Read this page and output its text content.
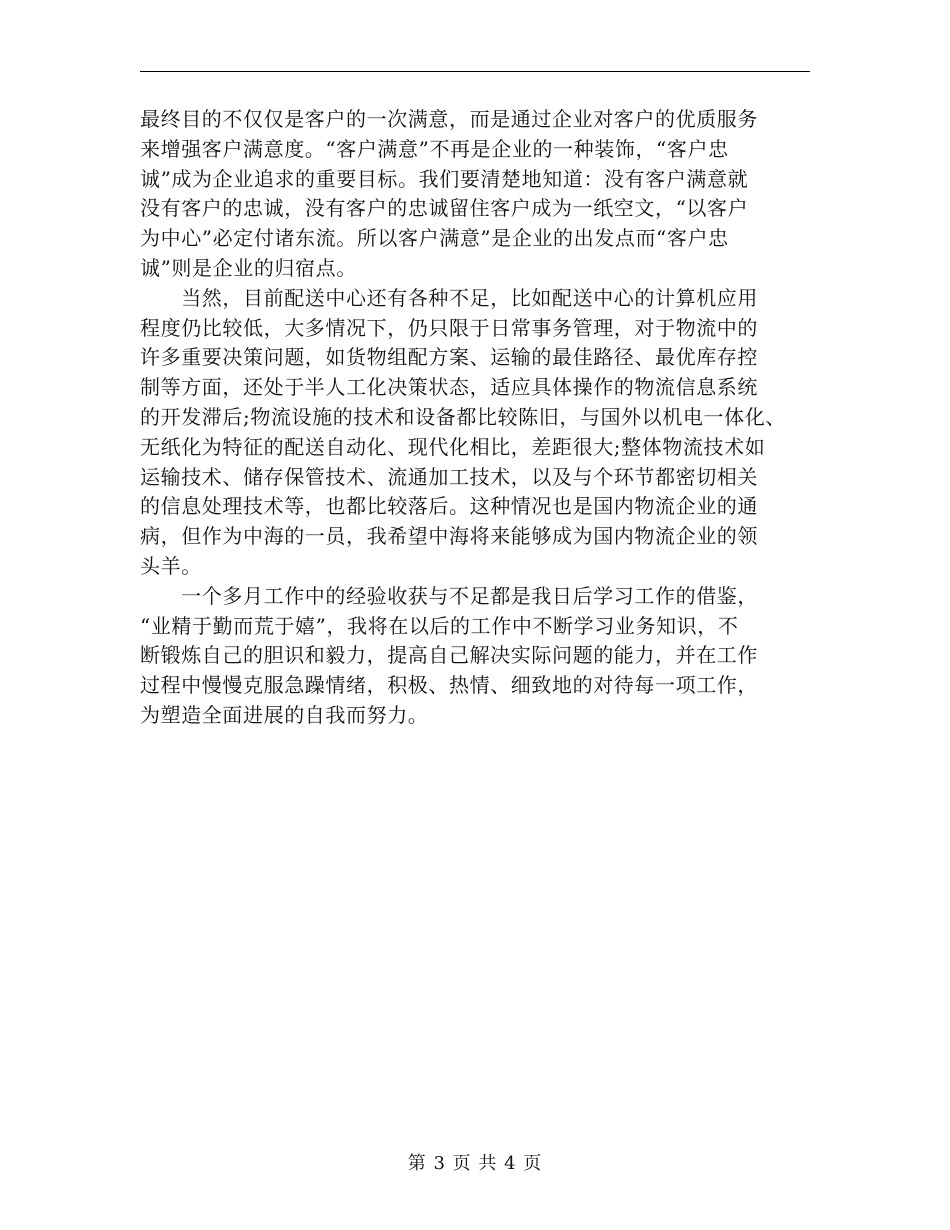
最终目的不仅仅是客户的一次满意，而是通过企业对客户的优质服务
来增强客户满意度。“客户满意”不再是企业的一种装饰，“客户忠
诚”成为企业追求的重要目标。我们要清楚地知道：没有客户满意就
没有客户的忠诚，没有客户的忠诚留住客户成为一纸空文，“以客户
为中心”必定付诸东流。所以客户满意”是企业的出发点而“客户忠
诚”则是企业的归宿点。
　　当然，目前配送中心还有各种不足，比如配送中心的计算机应用
程度仍比较低，大多情况下，仍只限于日常事务管理，对于物流中的
许多重要决策问题，如货物组配方案、运输的最佳路径、最优库存控
制等方面，还处于半人工化决策状态，适应具体操作的物流信息系统
的开发滞后;物流设施的技术和设备都比较陈旧，与国外以机电一体化、
无纸化为特征的配送自动化、现代化相比，差距很大;整体物流技术如
运输技术、储存保管技术、流通加工技术，以及与个环节都密切相关
的信息处理技术等，也都比较落后。这种情况也是国内物流企业的通
病，但作为中海的一员，我希望中海将来能够成为国内物流企业的领
头羊。
　　一个多月工作中的经验收获与不足都是我日后学习工作的借鉴，
“业精于勤而荒于嬉”，我将在以后的工作中不断学习业务知识，不
断锻炼自己的胆识和毅力，提高自己解决实际问题的能力，并在工作
过程中慢慢克服急躁情绪，积极、热情、细致地的对待每一项工作，
为塑造全面进展的自我而努力。
第 3 页 共 4 页
